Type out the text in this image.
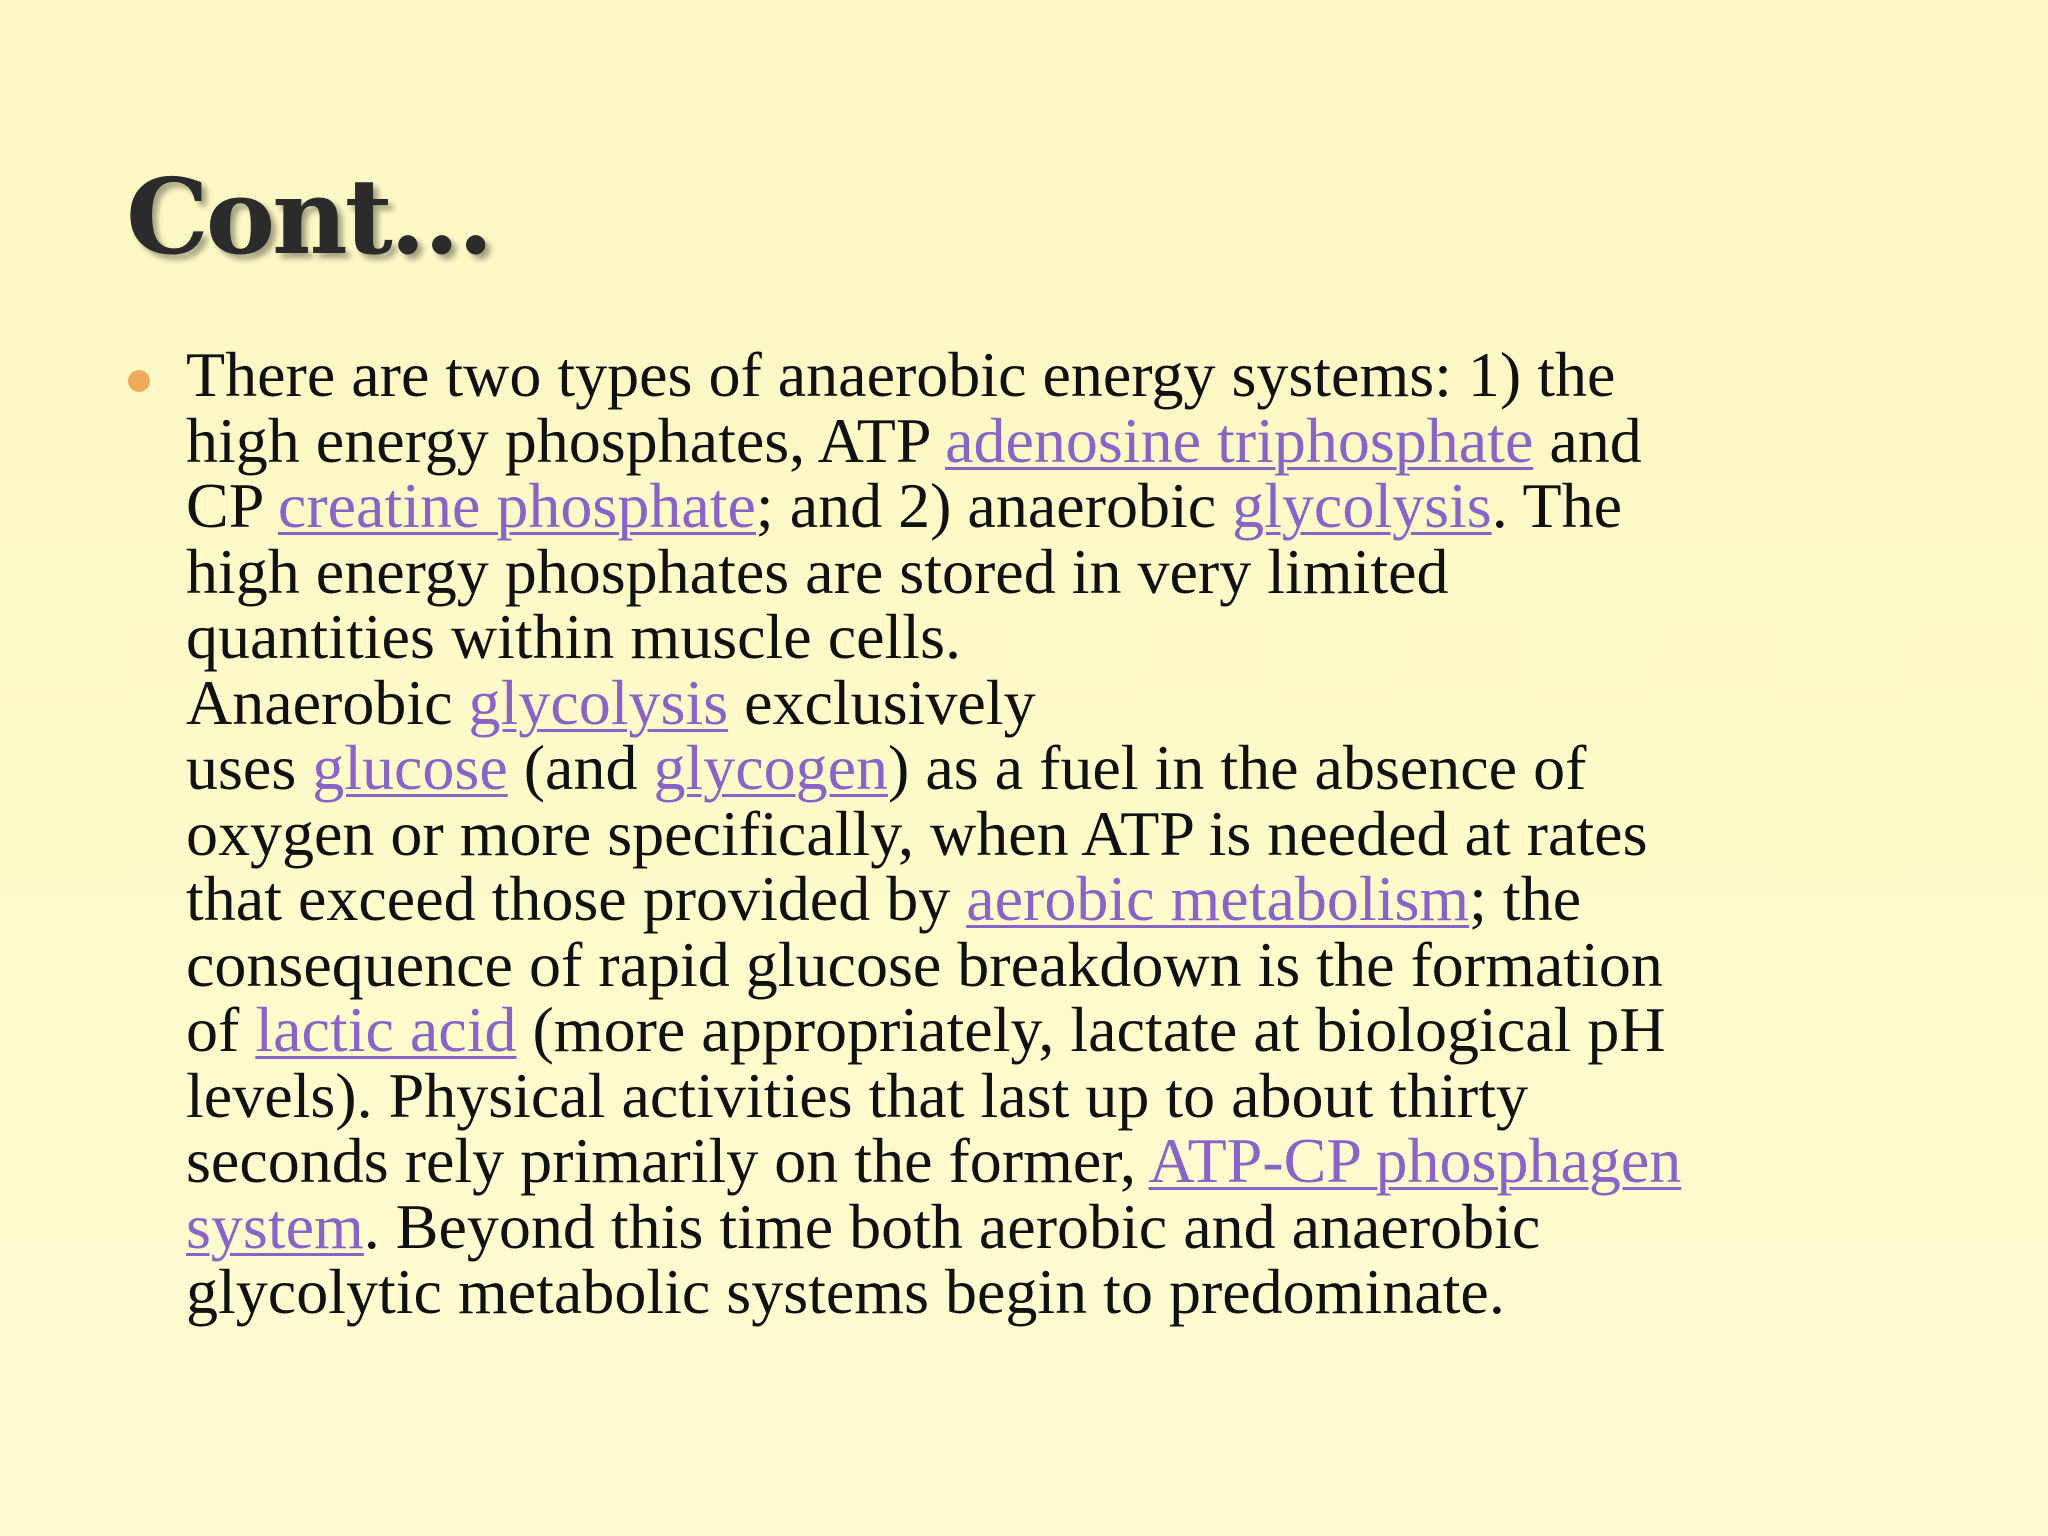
Cont…

There are two types of anaerobic energy systems: 1) the
high energy phosphates, ATP adenosine triphosphate and
CP creatine phosphate; and 2) anaerobic glycolysis. The
high energy phosphates are stored in very limited
quantities within muscle cells.
Anaerobic glycolysis exclusively
uses glucose (and glycogen) as a fuel in the absence of
oxygen or more specifically, when ATP is needed at rates
that exceed those provided by aerobic metabolism; the
consequence of rapid glucose breakdown is the formation
of lactic acid (more appropriately, lactate at biological pH
levels). Physical activities that last up to about thirty
seconds rely primarily on the former, ATP-CP phosphagen
system. Beyond this time both aerobic and anaerobic
glycolytic metabolic systems begin to predominate.
